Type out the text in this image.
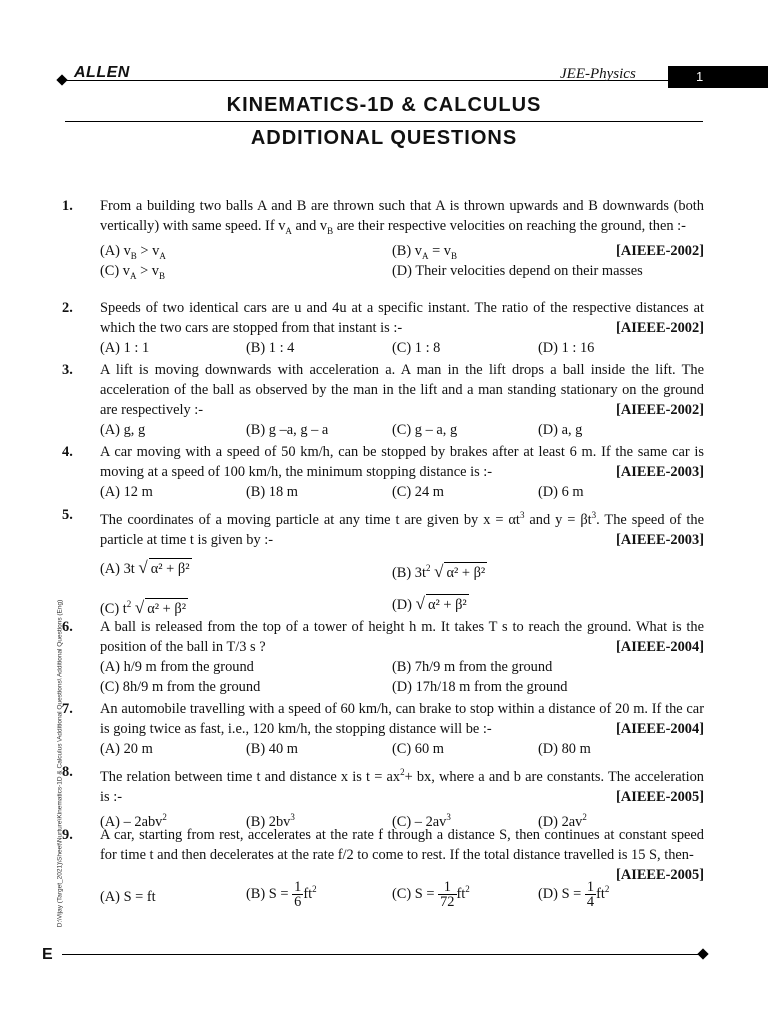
ALLEN	JEE-Physics	1
KINEMATICS-1D & CALCULUS
ADDITIONAL QUESTIONS
1. From a building two balls A and B are thrown such that A is thrown upwards and B downwards (both vertically) with same speed. If $v_A$ and $v_B$ are their respective velocities on reaching the ground, then :-
[AIEEE-2002]
(A) $v_B > v_A$	(B) $v_A = v_B$
(C) $v_A > v_B$	(D) Their velocities depend on their masses
2. Speeds of two identical cars are u and 4u at a specific instant. The ratio of the respective distances at which the two cars are stopped from that instant is :-	[AIEEE-2002]
(A) 1 : 1	(B) 1 : 4	(C) 1 : 8	(D) 1 : 16
3. A lift is moving downwards with acceleration a. A man in the lift drops a ball inside the lift. The acceleration of the ball as observed by the man in the lift and a man standing stationary on the ground are respectively :-	[AIEEE-2002]
(A) g, g	(B) g –a, g – a	(C) g – a, g	(D) a, g
4. A car moving with a speed of 50 km/h, can be stopped by brakes after at least 6 m. If the same car is moving at a speed of 100 km/h, the minimum stopping distance is :-	[AIEEE-2003]
(A) 12 m	(B) 18 m	(C) 24 m	(D) 6 m
5. The coordinates of a moving particle at any time t are given by $x = \alpha t^3$ and $y = \beta t^3$. The speed of the particle at time t is given by :-	[AIEEE-2003]
(A) 3t √ α² + β²	(B) $3t^2$ √ α² + β²
(C) $t^2$ √ α² + β²	(D) √ α² + β²
6. A ball is released from the top of a tower of height h m. It takes T s to reach the ground. What is the position of the ball in T/3 s ?	[AIEEE-2004]
(A) h/9 m from the ground	(B) 7h/9 m from the ground
(C) 8h/9 m from the ground	(D) 17h/18 m from the ground
7. An automobile travelling with a speed of 60 km/h, can brake to stop within a distance of 20 m. If the car is going twice as fast, i.e., 120 km/h, the stopping distance will be :-	[AIEEE-2004]
(A) 20 m	(B) 40 m	(C) 60 m	(D) 80 m
8. The relation between time t and distance x is $t = ax^2+$ bx, where a and b are constants. The acceleration is :-	[AIEEE-2005]
(A) – 2abv$^2$	(B) $2bv^3$	$(C) - 2av^3$	(D) $2av^2$
9. A car, starting from rest, accelerates at the rate f through a distance S, then continues at constant speed for time t and then decelerates at the rate f/2 to come to rest. If the total distance travelled is 15 S, then-
[AIEEE-2005]
(A) S = ft	(B) $S = \frac{1}{6} ft^2$	(C) $S = \frac{1}{72} ft^2$	(D) $S = \frac{1}{4} ft^2$
D:\Vijay (Target_2021)\Sheet\Nurture\Kinematics-1D & Calculus \Additional Questions\ Additional Questions (Eng)
E
